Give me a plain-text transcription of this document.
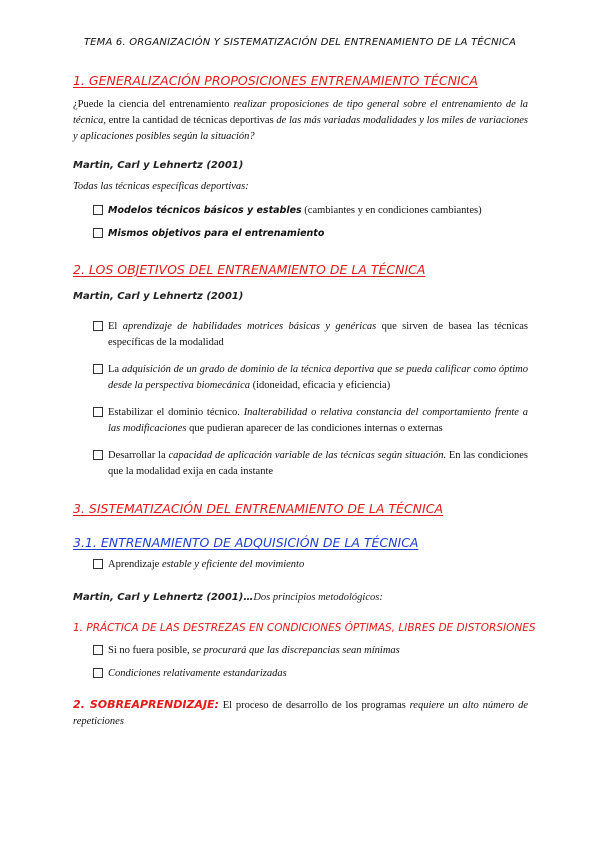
TEMA 6. ORGANIZACIÓN Y SISTEMATIZACIÓN DEL ENTRENAMIENTO DE LA TÉCNICA
1. GENERALIZACIÓN PROPOSICIONES ENTRENAMIENTO TÉCNICA
¿Puede la ciencia del entrenamiento realizar proposiciones de tipo general sobre el entrenamiento de la técnica, entre la cantidad de técnicas deportivas de las más variadas modalidades y los miles de variaciones y aplicaciones posibles según la situación?
Martin, Carl y Lehnertz (2001)
Todas las técnicas específicas deportivas:
Modelos técnicos básicos y estables (cambiantes y en condiciones cambiantes)
Mismos objetivos para el entrenamiento
2. LOS OBJETIVOS DEL ENTRENAMIENTO DE LA TÉCNICA
Martin, Carl y Lehnertz (2001)
El aprendizaje de habilidades motrices básicas y genéricas que sirven de basea las técnicas específicas de la modalidad
La adquisición de un grado de dominio de la técnica deportiva que se pueda calificar como óptimo desde la perspectiva biomecánica (idoneidad, eficacia y eficiencia)
Estabilizar el dominio técnico. Inalterabilidad o relativa constancia del comportamiento frente a las modificaciones que pudieran aparecer de las condiciones internas o externas
Desarrollar la capacidad de aplicación variable de las técnicas según situación. En las condiciones que la modalidad exija en cada instante
3. SISTEMATIZACIÓN DEL ENTRENAMIENTO DE LA TÉCNICA
3.1. ENTRENAMIENTO DE ADQUISICIÓN DE LA TÉCNICA
Aprendizaje estable y eficiente del movimiento
Martin, Carl y Lehnertz (2001)…Dos principios metodológicos:
1. PRÁCTICA DE LAS DESTREZAS EN CONDICIONES ÓPTIMAS, LIBRES DE DISTORSIONES
Si no fuera posible, se procurará que las discrepancias sean mínimas
Condiciones relativamente estandarizadas
2. SOBREAPRENDIZAJE: El proceso de desarrollo de los programas requiere un alto número de repeticiones
